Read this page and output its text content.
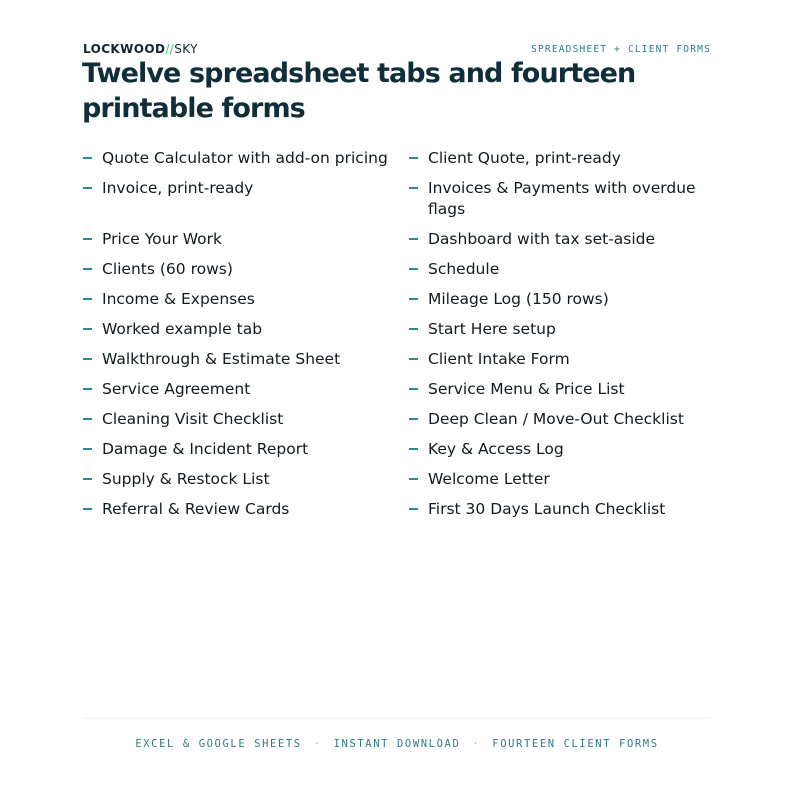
LOCKWOOD//SKY	SPREADSHEET + CLIENT FORMS
Twelve spreadsheet tabs and fourteen printable forms
Quote Calculator with add-on pricing
Invoice, print-ready
Price Your Work
Clients (60 rows)
Income & Expenses
Worked example tab
Walkthrough & Estimate Sheet
Service Agreement
Cleaning Visit Checklist
Damage & Incident Report
Supply & Restock List
Referral & Review Cards
Client Quote, print-ready
Invoices & Payments with overdue flags
Dashboard with tax set-aside
Schedule
Mileage Log (150 rows)
Start Here setup
Client Intake Form
Service Menu & Price List
Deep Clean / Move-Out Checklist
Key & Access Log
Welcome Letter
First 30 Days Launch Checklist
EXCEL & GOOGLE SHEETS · INSTANT DOWNLOAD · FOURTEEN CLIENT FORMS
